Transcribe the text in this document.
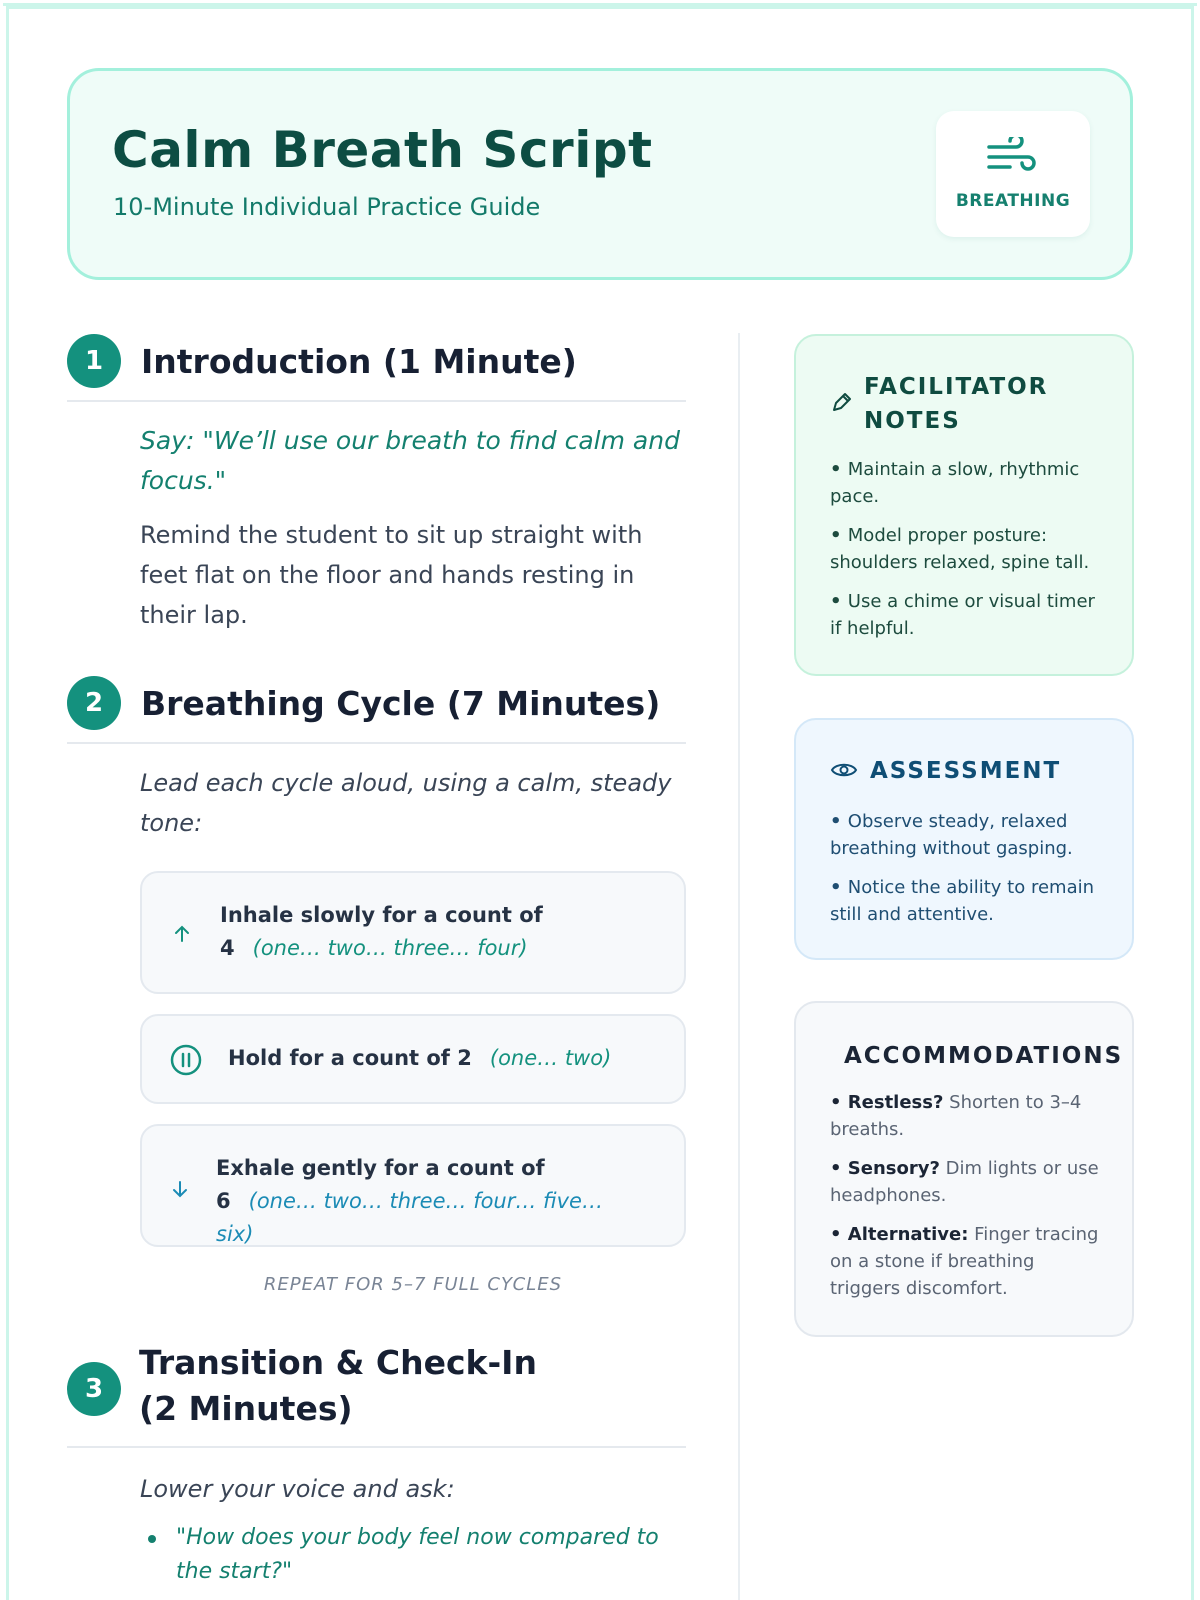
Calm Breath Script
10-Minute Individual Practice Guide	BREATHING
1	Introduction (1 Minute)
Say: "We’ll use our breath to find calm and focus."
Remind the student to sit up straight with feet flat on the floor and hands resting in their lap.
2	Breathing Cycle (7 Minutes)
Lead each cycle aloud, using a calm, steady tone:
Inhale slowly for a count of 4 (one… two… three… four)
Hold for a count of 2 (one… two)
Exhale gently for a count of 6 (one… two… three… four… five… six)
REPEAT FOR 5–7 FULL CYCLES
3
Transition & Check-In (2 Minutes)
Lower your voice and ask:
"How does your body feel now compared to the start?"
FACILITATOR NOTES
• Maintain a slow, rhythmic pace.
• Model proper posture: shoulders relaxed, spine tall.
• Use a chime or visual timer if helpful.
ASSESSMENT
• Observe steady, relaxed breathing without gasping.
• Notice the ability to remain still and attentive.
ACCOMMODATIONS
• Restless? Shorten to 3–4 breaths.
• Sensory? Dim lights or use headphones.
• Alternative: Finger tracing on a stone if breathing triggers discomfort.
